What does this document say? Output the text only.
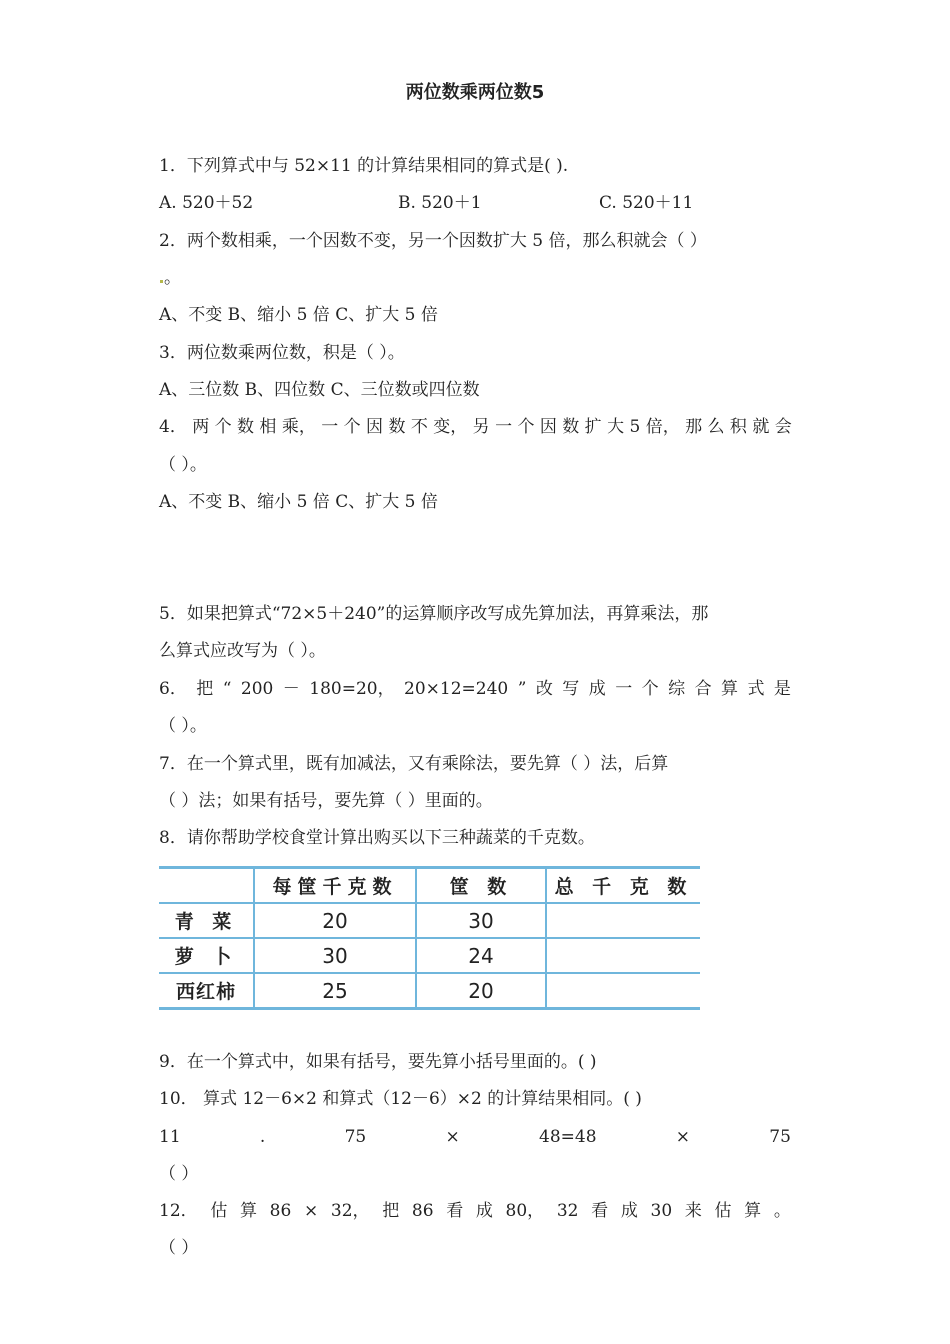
两位数乘两位数5
1．下列算式中与 52×11 的计算结果相同的算式是( ).
A. 520＋52	B. 520＋1	C. 520＋11
2．两个数相乘，一个因数不变，另一个因数扩大 5 倍，那么积就会（ ）
。
A、不变 B、缩小 5 倍 C、扩大 5 倍
3．两位数乘两位数，积是（ ）。
A、三位数 B、四位数 C、三位数或四位数
4． 两 个 数 相 乘， 一 个 因 数 不 变， 另 一 个 因 数 扩 大 5 倍， 那 么 积 就 会
（ ）。
A、不变 B、缩小 5 倍 C、扩大 5 倍
5．如果把算式“72×5＋240”的运算顺序改写成先算加法，再算乘法，那
么算式应改写为（ ）。
6． 把 “ 200 － 180=20， 20×12=240 ” 改 写 成 一 个 综 合 算 式 是
（ ）。
7．在一个算式里，既有加减法，又有乘除法，要先算（ ）法，后算
（ ）法；如果有括号，要先算（ ）里面的。
8．请你帮助学校食堂计算出购买以下三种蔬菜的千克数。
	每筐千克数	筐 数	总 千 克 数
青 菜	20	30	
萝 卜	30	24	
西红柿	25	20	
9．在一个算式中，如果有括号，要先算小括号里面的。( )
10． 算式 12－6×2 和算式（12－6）×2 的计算结果相同。( )
11	.	75	×	48=48	×	75
（ ）
12． 估 算 86 × 32， 把 86 看 成 80， 32 看 成 30 来 估 算 。
（ ）
